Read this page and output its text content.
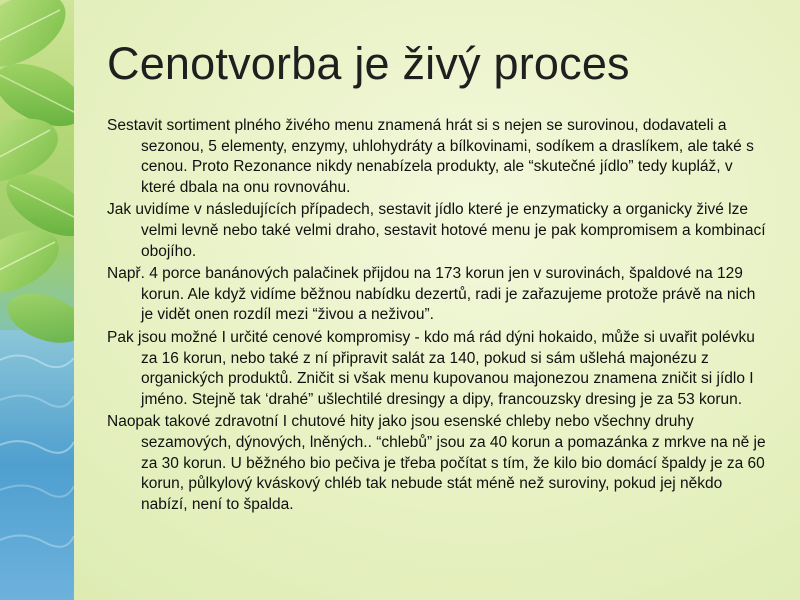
Cenotvorba je živý proces

Sestavit sortiment plného živého menu znamená hrát si s nejen se surovinou, dodavateli a sezonou, 5 elementy, enzymy, uhlohydráty a bílkovinami, sodíkem a draslíkem, ale také s cenou. Proto Rezonance nikdy nenabízela produkty, ale “skutečné jídlo” tedy kupláž, v které dbala na onu rovnováhu.

Jak uvidíme v následujících případech, sestavit jídlo které je enzymaticky a organicky živé lze velmi levně nebo také velmi draho, sestavit hotové menu je pak kompromisem a kombinací obojího.

Např. 4 porce banánových palačinek přijdou na 173 korun jen v surovinách, špaldové na 129 korun. Ale když vidíme běžnou nabídku dezertů, radi je zařazujeme protože právě na nich je vidět onen rozdíl mezi “živou a neživou”.

Pak jsou možné I určité cenové kompromisy - kdo má rád dýni hokaido, může si uvařit polévku za 16 korun, nebo také z ní připravit salát za 140, pokud si sám ušlehá majonézu z organických produktů. Zničit si však menu kupovanou majonezou znamena zničit si jídlo I jméno. Stejně tak ‘drahé” ušlechtilé dresingy a dipy, francouzsky dresing je za 53 korun.

Naopak takové zdravotní I chutové hity jako jsou esenské chleby nebo všechny druhy sezamových, dýnových, lněných.. “chlebů” jsou za 40 korun a pomazánka z mrkve na ně je za 30 korun. U běžného bio pečiva je třeba počítat s tím, že kilo bio domácí špaldy je za 60 korun, půlkylový kváskový chléb tak nebude stát méně než suroviny, pokud jej někdo nabízí, není to špalda.
